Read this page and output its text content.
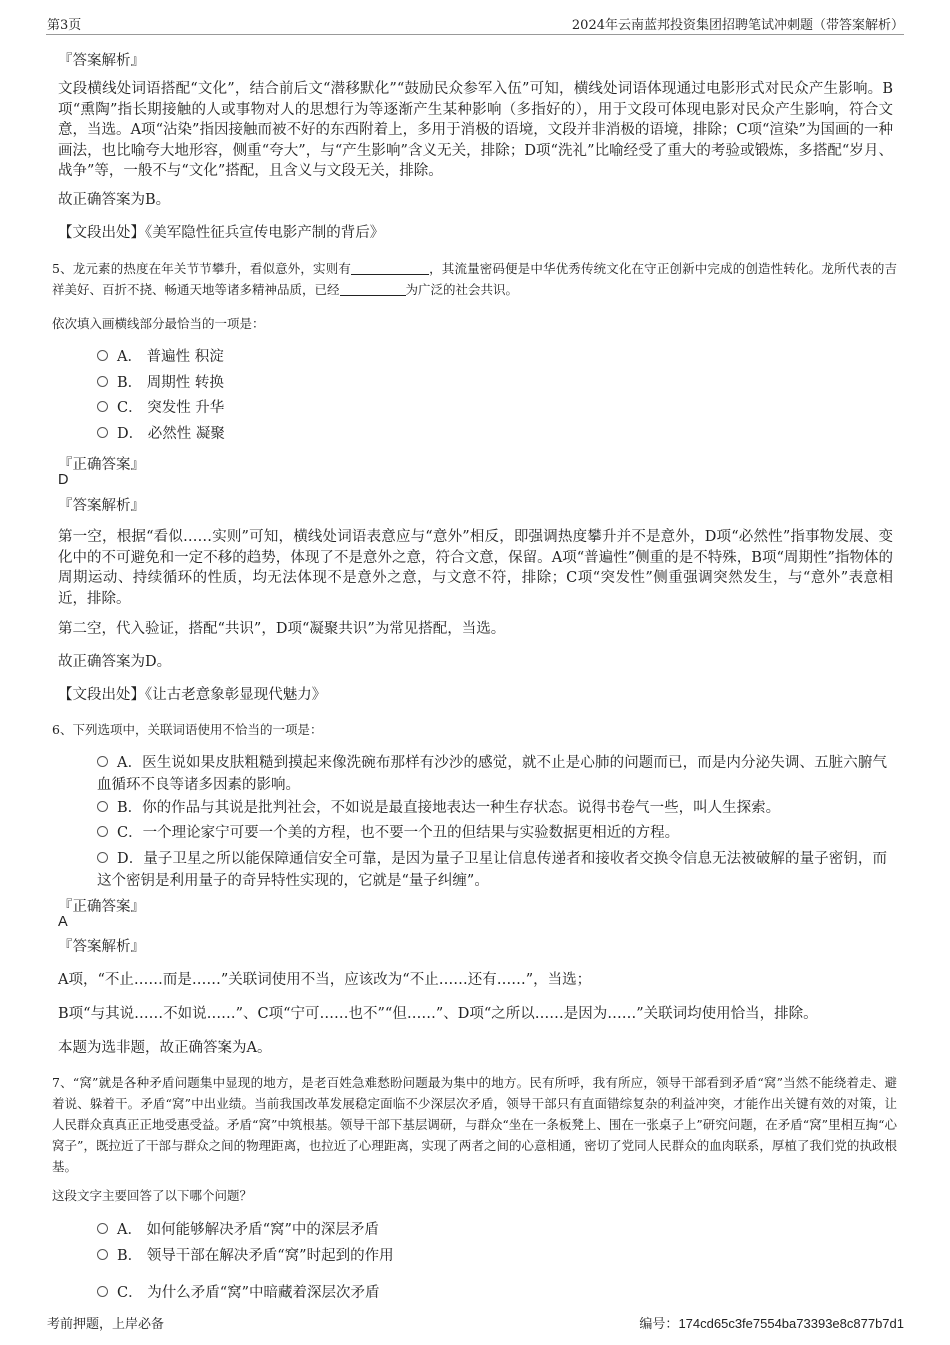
第3页	2024年云南蓝邦投资集团招聘笔试冲刺题（带答案解析）
『答案解析』
文段横线处词语搭配“文化”，结合前后文“潜移默化”“鼓励民众参军入伍”可知，横线处词语体现通过电影形式对民众产生影响。B项“熏陶”指长期接触的人或事物对人的思想行为等逐渐产生某种影响（多指好的），用于文段可体现电影对民众产生影响，符合文意，当选。A项“沾染”指因接触而被不好的东西附着上，多用于消极的语境，文段并非消极的语境，排除；C项“渲染”为国画的一种画法，也比喻夸大地形容，侧重“夸大”，与“产生影响”含义无关，排除；D项“洗礼”比喻经受了重大的考验或锻炼，多搭配“岁月、战争”等，一般不与“文化”搭配，且含义与文段无关，排除。
故正确答案为B。
【文段出处】《美军隐性征兵宣传电影产制的背后》
5、龙元素的热度在年关节节攀升，看似意外，实则有	，其流量密码便是中华优秀传统文化在守正创新中完成的创造性转化。龙所代表的吉祥美好、百折不挠、畅通天地等诸多精神品质，已经	为广泛的社会共识。
依次填入画横线部分最恰当的一项是：
A． 普遍性 积淀
B． 周期性 转换
C． 突发性 升华
D． 必然性 凝聚
『正确答案』
D
『答案解析』
第一空，根据“看似……实则”可知，横线处词语表意应与“意外”相反，即强调热度攀升并不是意外，D项“必然性”指事物发展、变化中的不可避免和一定不移的趋势，体现了不是意外之意，符合文意，保留。A项“普遍性”侧重的是不特殊，B项“周期性”指物体的周期运动、持续循环的性质，均无法体现不是意外之意，与文意不符，排除；C项“突发性”侧重强调突然发生，与“意外”表意相近，排除。
第二空，代入验证，搭配“共识”，D项“凝聚共识”为常见搭配，当选。
故正确答案为D。
【文段出处】《让古老意象彰显现代魅力》
6、下列选项中，关联词语使用不恰当的一项是：
A．医生说如果皮肤粗糙到摸起来像洗碗布那样有沙沙的感觉，就不止是心肺的问题而已，而是内分泌失调、五脏六腑气血循环不良等诸多因素的影响。
B．你的作品与其说是批判社会，不如说是最直接地表达一种生存状态。说得书卷气一些，叫人生探索。
C．一个理论家宁可要一个美的方程，也不要一个丑的但结果与实验数据更相近的方程。
D．量子卫星之所以能保障通信安全可靠，是因为量子卫星让信息传递者和接收者交换令信息无法被破解的量子密钥，而这个密钥是利用量子的奇异特性实现的，它就是“量子纠缠”。
『正确答案』
A
『答案解析』
A项，“不止……而是……”关联词使用不当，应该改为“不止……还有……”，当选；
B项“与其说……不如说……”、C项“宁可……也不”“但……”、D项“之所以……是因为……”关联词均使用恰当，排除。
本题为选非题，故正确答案为A。
7、“窝”就是各种矛盾问题集中显现的地方，是老百姓急难愁盼问题最为集中的地方。民有所呼，我有所应，领导干部看到矛盾“窝”当然不能绕着走、避着说、躲着干。矛盾“窝”中出业绩。当前我国改革发展稳定面临不少深层次矛盾，领导干部只有直面错综复杂的利益冲突，才能作出关键有效的对策，让人民群众真真正正地受惠受益。矛盾“窝”中筑根基。领导干部下基层调研，与群众“坐在一条板凳上、围在一张桌子上”研究问题，在矛盾“窝”里相互掏“心窝子”，既拉近了干部与群众之间的物理距离，也拉近了心理距离，实现了两者之间的心意相通，密切了党同人民群众的血肉联系，厚植了我们党的执政根基。
这段文字主要回答了以下哪个问题？
A． 如何能够解决矛盾“窝”中的深层矛盾
B． 领导干部在解决矛盾“窝”时起到的作用
C． 为什么矛盾“窝”中暗藏着深层次矛盾
考前押题，上岸必备	编号：174cd65c3fe7554ba73393e8c877b7d1
